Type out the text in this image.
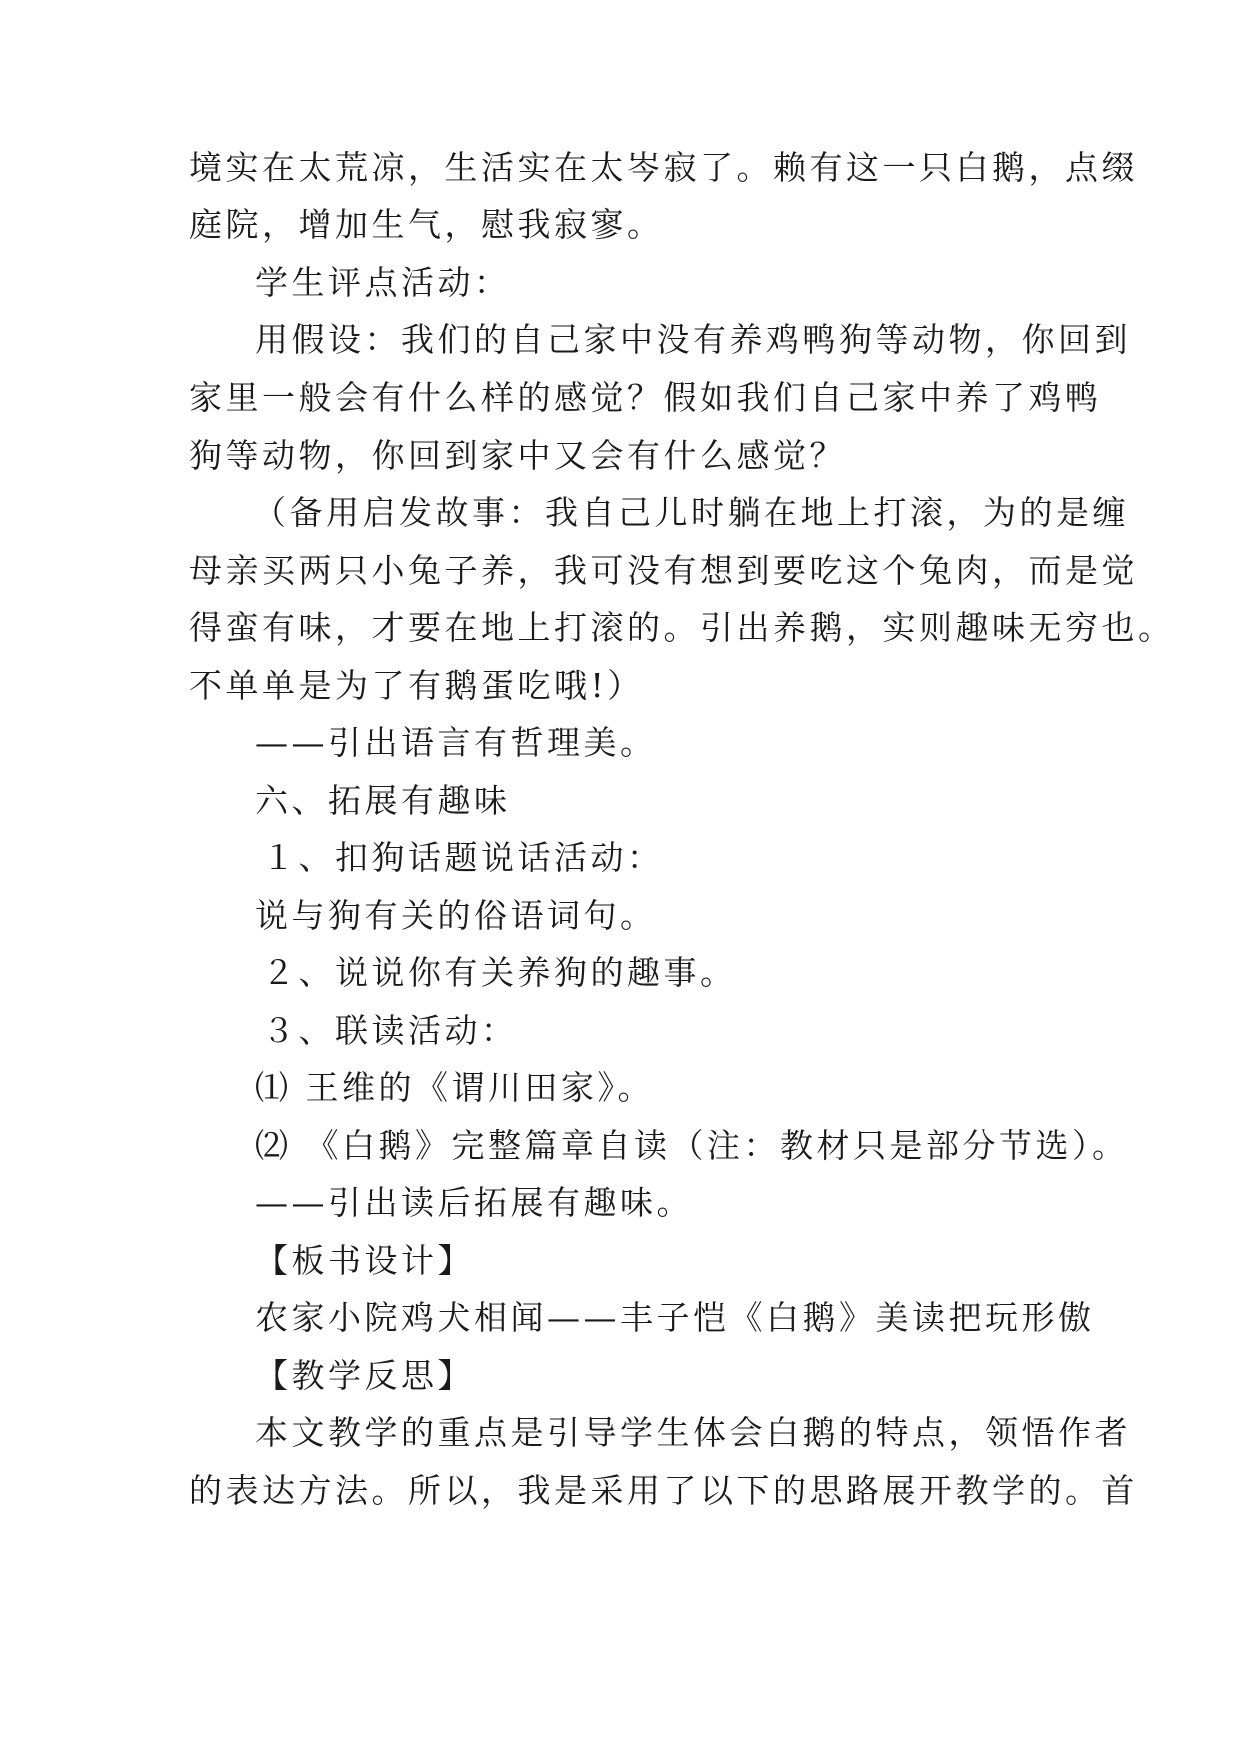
境实在太荒凉，生活实在太岑寂了。赖有这一只白鹅，点缀
庭院，增加生气，慰我寂寥。
学生评点活动：
用假设：我们的自己家中没有养鸡鸭狗等动物，你回到
家里一般会有什么样的感觉？假如我们自己家中养了鸡鸭
狗等动物，你回到家中又会有什么感觉？
（备用启发故事：我自己儿时躺在地上打滚，为的是缠
母亲买两只小兔子养，我可没有想到要吃这个兔肉，而是觉
得蛮有味，才要在地上打滚的。引出养鹅，实则趣味无穷也。
不单单是为了有鹅蛋吃哦!）
——引出语言有哲理美。
六、拓展有趣味
１、扣狗话题说话活动：
说与狗有关的俗语词句。
２、说说你有关养狗的趣事。
３、联读活动：
⑴ 王维的《谓川田家》。
⑵ 《白鹅》完整篇章自读（注：教材只是部分节选）。
——引出读后拓展有趣味。
【板书设计】
农家小院鸡犬相闻——丰子恺《白鹅》美读把玩形傲
【教学反思】
本文教学的重点是引导学生体会白鹅的特点，领悟作者
的表达方法。所以，我是采用了以下的思路展开教学的。首
